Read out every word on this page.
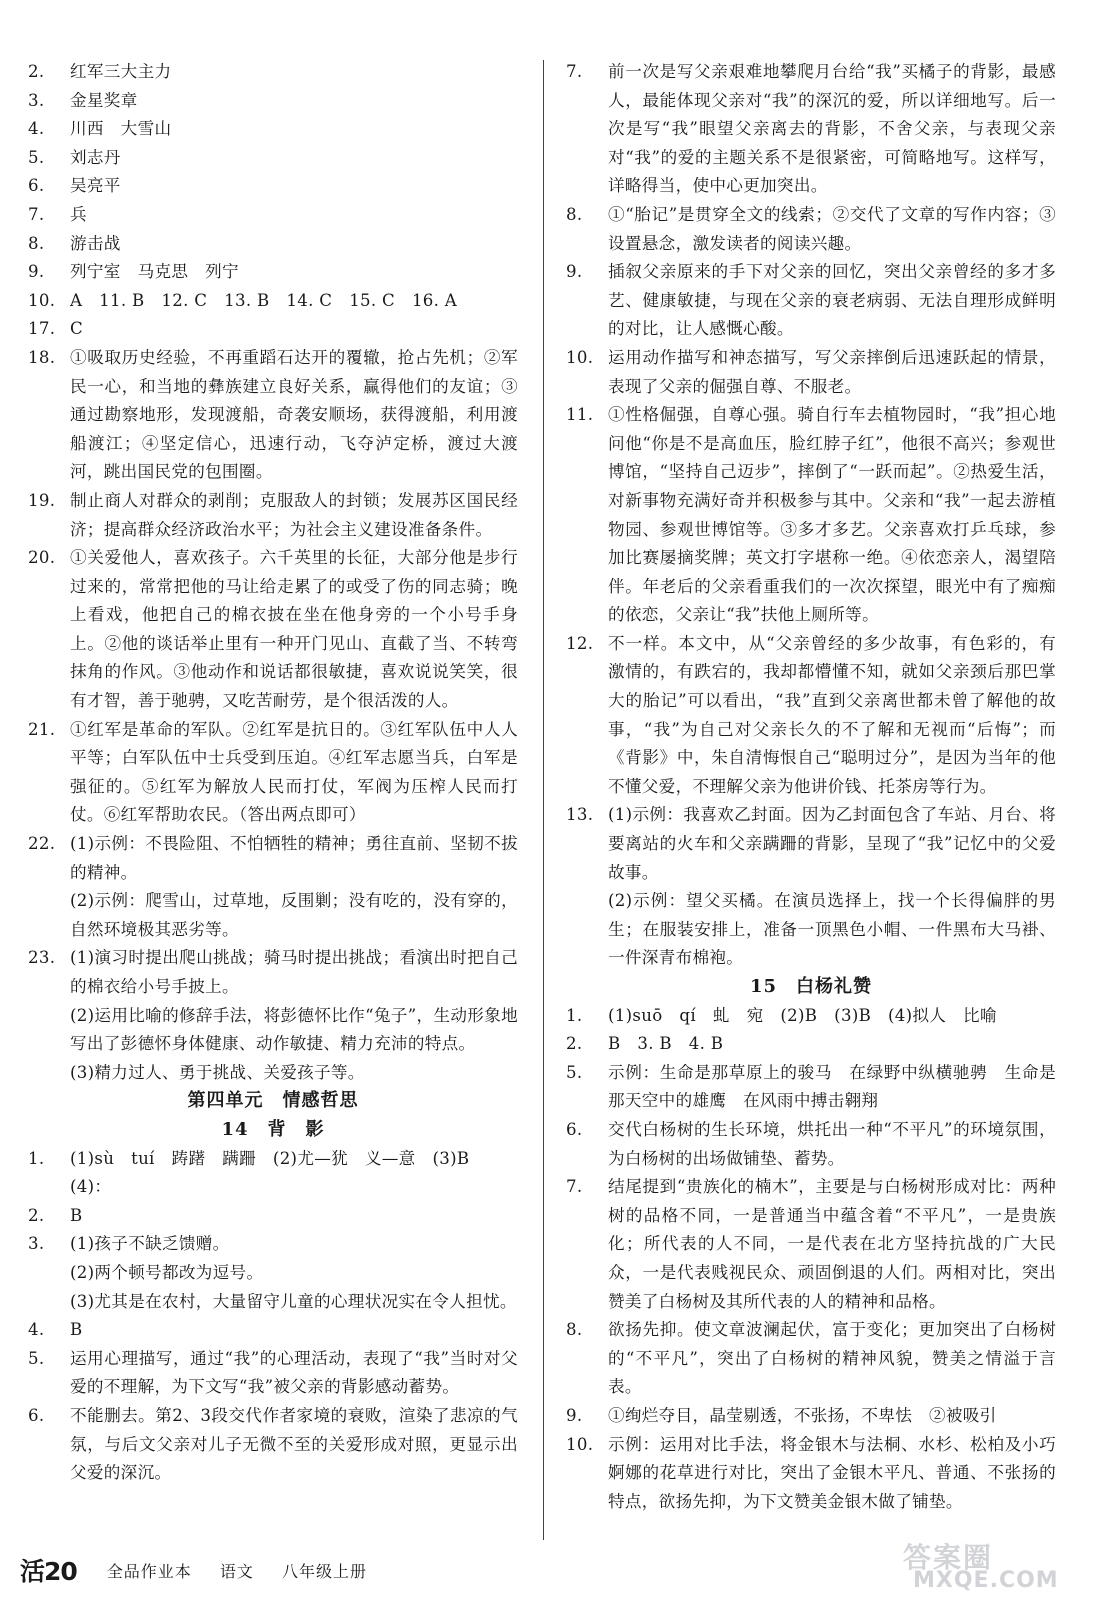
2.	红军三大主力
3.	金星奖章
4.	川西　大雪山
5.	刘志丹
6.	吴亮平
7.	兵
8.	游击战
9.	列宁室　马克思　列宁
10. A　11. B　12. C　13. B　14. C　15. C　16. A
17. C
18. ①吸取历史经验，不再重蹈石达开的覆辙，抢占先机；②军民一心，和当地的彝族建立良好关系，赢得他们的友谊；③通过勘察地形，发现渡船，奇袭安顺场，获得渡船，利用渡船渡江；④坚定信心，迅速行动，飞夺泸定桥，渡过大渡河，跳出国民党的包围圈。
19. 制止商人对群众的剥削；克服敌人的封锁；发展苏区国民经济；提高群众经济政治水平；为社会主义建设准备条件。
20. ①关爱他人，喜欢孩子。六千英里的长征，大部分他是步行过来的，常常把他的马让给走累了的或受了伤的同志骑；晚上看戏，他把自己的棉衣披在坐在他身旁的一个小号手身上。②他的谈话举止里有一种开门见山、直截了当、不转弯抹角的作风。③他动作和说话都很敏捷，喜欢说说笑笑，很有才智，善于驰骋，又吃苦耐劳，是个很活泼的人。
21. ①红军是革命的军队。②红军是抗日的。③红军队伍中人人平等；白军队伍中士兵受到压迫。④红军志愿当兵，白军是强征的。⑤红军为解放人民而打仗，军阀为压榨人民而打仗。⑥红军帮助农民。（答出两点即可）
22. (1)示例：不畏险阻、不怕牺牲的精神；勇往直前、坚韧不拔的精神。
(2)示例：爬雪山，过草地，反围剿；没有吃的，没有穿的，自然环境极其恶劣等。
23. (1)演习时提出爬山挑战；骑马时提出挑战；看演出时把自己的棉衣给小号手披上。
(2)运用比喻的修辞手法，将彭德怀比作“兔子”，生动形象地写出了彭德怀身体健康、动作敏捷、精力充沛的特点。
(3)精力过人、勇于挑战、关爱孩子等。
第四单元　情感哲思
14　背　影
1.	(1)sù　tuí　踌躇　蹒跚　(2)尤—犹　义—意　(3)B
(4)：
2.	B
3.	(1)孩子不缺乏馈赠。
(2)两个顿号都改为逗号。
(3)尤其是在农村，大量留守儿童的心理状况实在令人担忧。
4.	B
5.	运用心理描写，通过“我”的心理活动，表现了“我”当时对父爱的不理解，为下文写“我”被父亲的背影感动蓄势。
6.	不能删去。第2、3段交代作者家境的衰败，渲染了悲凉的气氛，与后文父亲对儿子无微不至的关爱形成对照，更显示出父爱的深沉。
7.	前一次是写父亲艰难地攀爬月台给“我”买橘子的背影，最感人，最能体现父亲对“我”的深沉的爱，所以详细地写。后一次是写“我”眼望父亲离去的背影，不舍父亲，与表现父亲对“我”的爱的主题关系不是很紧密，可简略地写。这样写，详略得当，使中心更加突出。
8.	①“胎记”是贯穿全文的线索；②交代了文章的写作内容；③设置悬念，激发读者的阅读兴趣。
9.	插叙父亲原来的手下对父亲的回忆，突出父亲曾经的多才多艺、健康敏捷，与现在父亲的衰老病弱、无法自理形成鲜明的对比，让人感慨心酸。
10. 运用动作描写和神态描写，写父亲摔倒后迅速跃起的情景，表现了父亲的倔强自尊、不服老。
11. ①性格倔强，自尊心强。骑自行车去植物园时，“我”担心地问他“你是不是高血压，脸红脖子红”，他很不高兴；参观世博馆，“坚持自己迈步”，摔倒了“一跃而起”。②热爱生活，对新事物充满好奇并积极参与其中。父亲和“我”一起去游植物园、参观世博馆等。③多才多艺。父亲喜欢打乒乓球，参加比赛屡摘奖牌；英文打字堪称一绝。④依恋亲人，渴望陪伴。年老后的父亲看重我们的一次次探望，眼光中有了痴痴的依恋，父亲让“我”扶他上厕所等。
12. 不一样。本文中，从“父亲曾经的多少故事，有色彩的，有激情的，有跌宕的，我却都懵懂不知，就如父亲颈后那巴掌大的胎记”可以看出，“我”直到父亲离世都未曾了解他的故事，“我”为自己对父亲长久的不了解和无视而“后悔”；而《背影》中，朱自清悔恨自己“聪明过分”，是因为当年的他不懂父爱，不理解父亲为他讲价钱、托茶房等行为。
13. (1)示例：我喜欢乙封面。因为乙封面包含了车站、月台、将要离站的火车和父亲蹒跚的背影，呈现了“我”记忆中的父爱故事。
(2)示例：望父买橘。在演员选择上，找一个长得偏胖的男生；在服装安排上，准备一顶黑色小帽、一件黑布大马褂、一件深青布棉袍。
15　白杨礼赞
1.	(1)suō　qí　虬　宛　(2)B　(3)B　(4)拟人　比喻
2.	B　3. B　4. B
5.	示例：生命是那草原上的骏马　在绿野中纵横驰骋　生命是那天空中的雄鹰　在风雨中搏击翱翔
6.	交代白杨树的生长环境，烘托出一种“不平凡”的环境氛围，为白杨树的出场做铺垫、蓄势。
7.	结尾提到“贵族化的楠木”，主要是与白杨树形成对比：两种树的品格不同，一是普通当中蕴含着“不平凡”，一是贵族化；所代表的人不同，一是代表在北方坚持抗战的广大民众，一是代表贱视民众、顽固倒退的人们。两相对比，突出赞美了白杨树及其所代表的人的精神和品格。
8.	欲扬先抑。使文章波澜起伏，富于变化；更加突出了白杨树的“不平凡”，突出了白杨树的精神风貌，赞美之情溢于言表。
9.	①绚烂夺目，晶莹剔透，不张扬，不卑怯　②被吸引
10. 示例：运用对比手法，将金银木与法桐、水杉、松柏及小巧婀娜的花草进行对比，突出了金银木平凡、普通、不张扬的特点，欲扬先抑，为下文赞美金银木做了铺垫。
活20 全品作业本 语文 八年级上册	答案圈
MXQE.COM
